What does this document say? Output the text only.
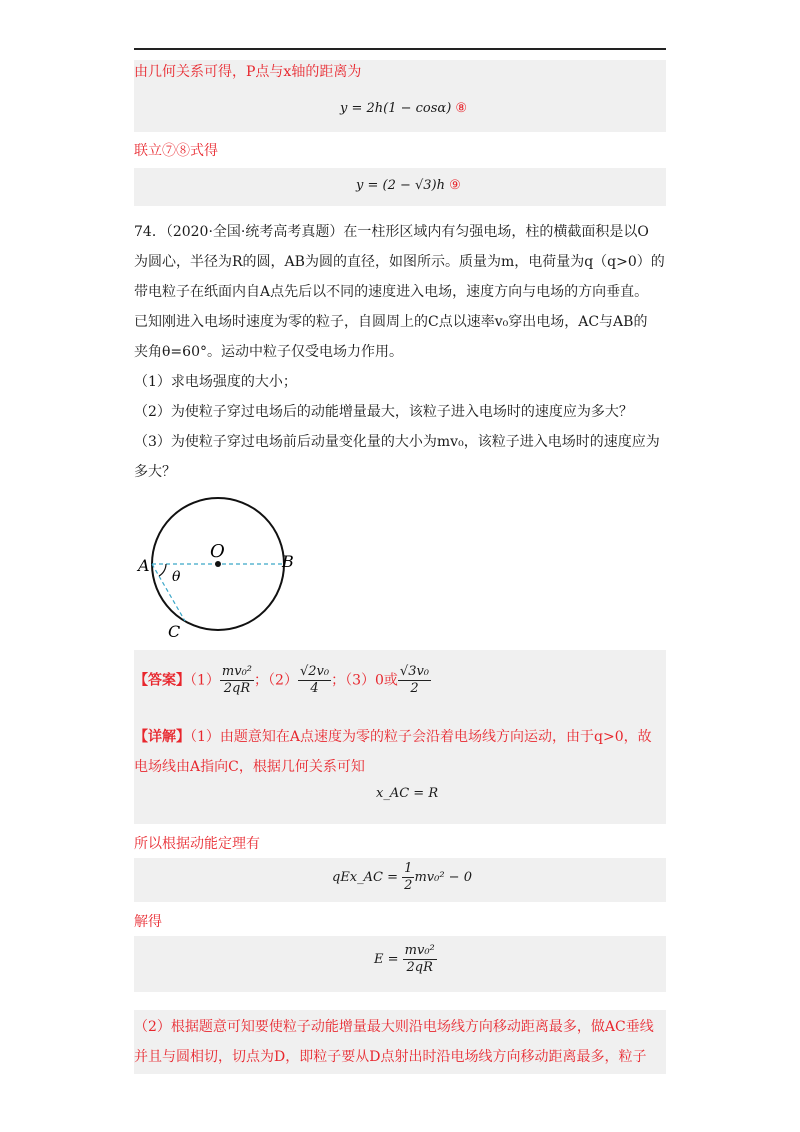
由几何关系可得，P点与x轴的距离为
y = 2h(1 − cosα) ⑧
联立⑦⑧式得
y = (2 − √3)h ⑨
74．（2020·全国·统考高考真题）在一柱形区域内有匀强电场，柱的横截面积是以O
为圆心，半径为R的圆，AB为圆的直径，如图所示。质量为m，电荷量为q（q>0）的
带电粒子在纸面内自A点先后以不同的速度进入电场，速度方向与电场的方向垂直。
已知刚进入电场时速度为零的粒子，自圆周上的C点以速率v₀穿出电场，AC与AB的
夹角θ=60°。运动中粒子仅受电场力作用。
（1）求电场强度的大小；
（2）为使粒子穿过电场后的动能增量最大，该粒子进入电场时的速度应为多大？
（3）为使粒子穿过电场前后动量变化量的大小为mv₀，该粒子进入电场时的速度应为
多大？
O
A	B
C
θ
【答案】$(1) \frac{\text{mv₀²}}{2qR}$ ；$(2) \frac{\text{√2v₀}}{4}$ ；（3）0或 $\frac{\text{√3v₀}}{2}$
【详解】（1）由题意知在A点速度为零的粒子会沿着电场线方向运动，由于q>0，故
电场线由A指向C，根据几何关系可知
x_AC = R
所以根据动能定理有
qEx_AC = $\frac{1}{2} mv_0^2 - 0$
解得
$E = \frac{\text{mv₀²}}{2qR}$
（2）根据题意可知要使粒子动能增量最大则沿电场线方向移动距离最多，做AC垂线
并且与圆相切，切点为D，即粒子要从D点射出时沿电场线方向移动距离最多，粒子
